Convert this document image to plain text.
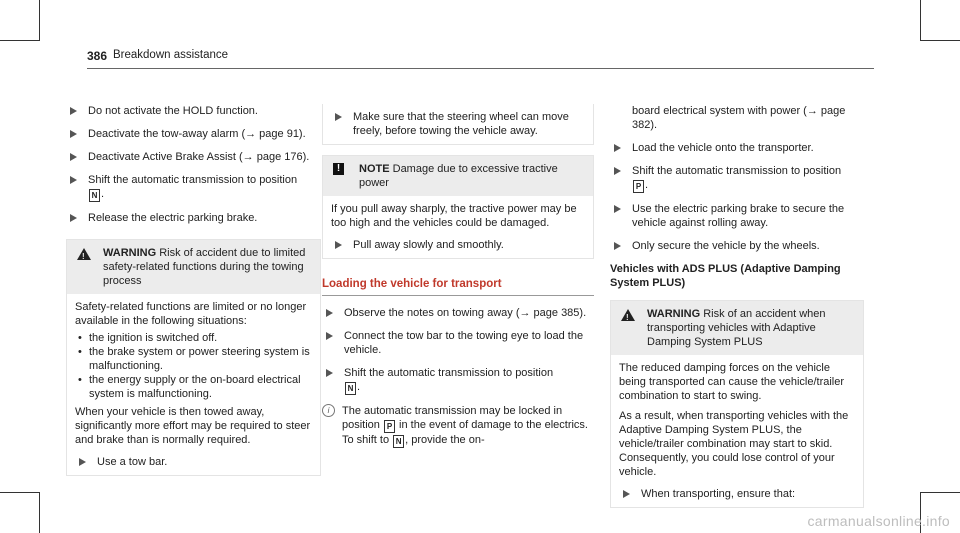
386 Breakdown assistance
Do not activate the HOLD function.
Deactivate the tow-away alarm (→ page 91).
Deactivate Active Brake Assist (→ page 176).
Shift the automatic transmission to position
N .
Release the electric parking brake.
!
WARNING Risk of accident due to limited safety-related functions during the towing process
Safety-related functions are limited or no longer available in the following situations:
• the ignition is switched off.
• the brake system or power steering system is malfunctioning.
• the energy supply or the on-board electrical system is malfunctioning.
When your vehicle is then towed away, significantly more effort may be required to steer and brake than is normally required.
Use a tow bar.
Make sure that the steering wheel can move freely, before towing the vehicle away.
!	NOTE Damage due to excessive tractive power
If you pull away sharply, the tractive power may be too high and the vehicles could be damaged.
Pull away slowly and smoothly.
Loading the vehicle for transport
Observe the notes on towing away (→ page 385).
Connect the tow bar to the towing eye to load the vehicle.
Shift the automatic transmission to position
N .
i	The automatic transmission may be locked in position P in the event of damage to the electrics. To shift to N , provide the on-
board electrical system with power (→ page 382).
Load the vehicle onto the transporter.
Shift the automatic transmission to position
P .
Use the electric parking brake to secure the vehicle against rolling away.
Only secure the vehicle by the wheels.
Vehicles with ADS PLUS (Adaptive Damping System PLUS)
!
WARNING Risk of an accident when transporting vehicles with Adaptive Damping System PLUS
The reduced damping forces on the vehicle being transported can cause the vehicle/trailer combination to start to swing.
As a result, when transporting vehicles with the Adaptive Damping System PLUS, the vehicle/trailer combination may start to skid. Consequently, you could lose control of your vehicle.
When transporting, ensure that:
carmanualsonline.info
